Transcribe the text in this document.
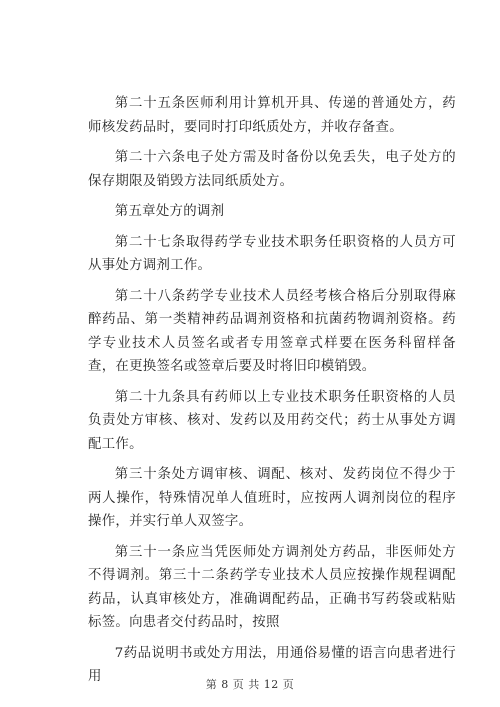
第二十五条医师利用计算机开具、传递的普通处方，药师核发药品时，要同时打印纸质处方，并收存备查。

第二十六条电子处方需及时备份以免丢失，电子处方的保存期限及销毁方法同纸质处方。

第五章处方的调剂

第二十七条取得药学专业技术职务任职资格的人员方可从事处方调剂工作。

第二十八条药学专业技术人员经考核合格后分别取得麻醉药品、第一类精神药品调剂资格和抗菌药物调剂资格。药学专业技术人员签名或者专用签章式样要在医务科留样备查，在更换签名或签章后要及时将旧印模销毁。

第二十九条具有药师以上专业技术职务任职资格的人员负责处方审核、核对、发药以及用药交代；药士从事处方调配工作。

第三十条处方调审核、调配、核对、发药岗位不得少于两人操作，特殊情况单人值班时，应按两人调剂岗位的程序操作，并实行单人双签字。

第三十一条应当凭医师处方调剂处方药品，非医师处方不得调剂。第三十二条药学专业技术人员应按操作规程调配药品，认真审核处方，准确调配药品，正确书写药袋或粘贴标签。向患者交付药品时，按照

7药品说明书或处方用法，用通俗易懂的语言向患者进行用

第 8 页 共 12 页
